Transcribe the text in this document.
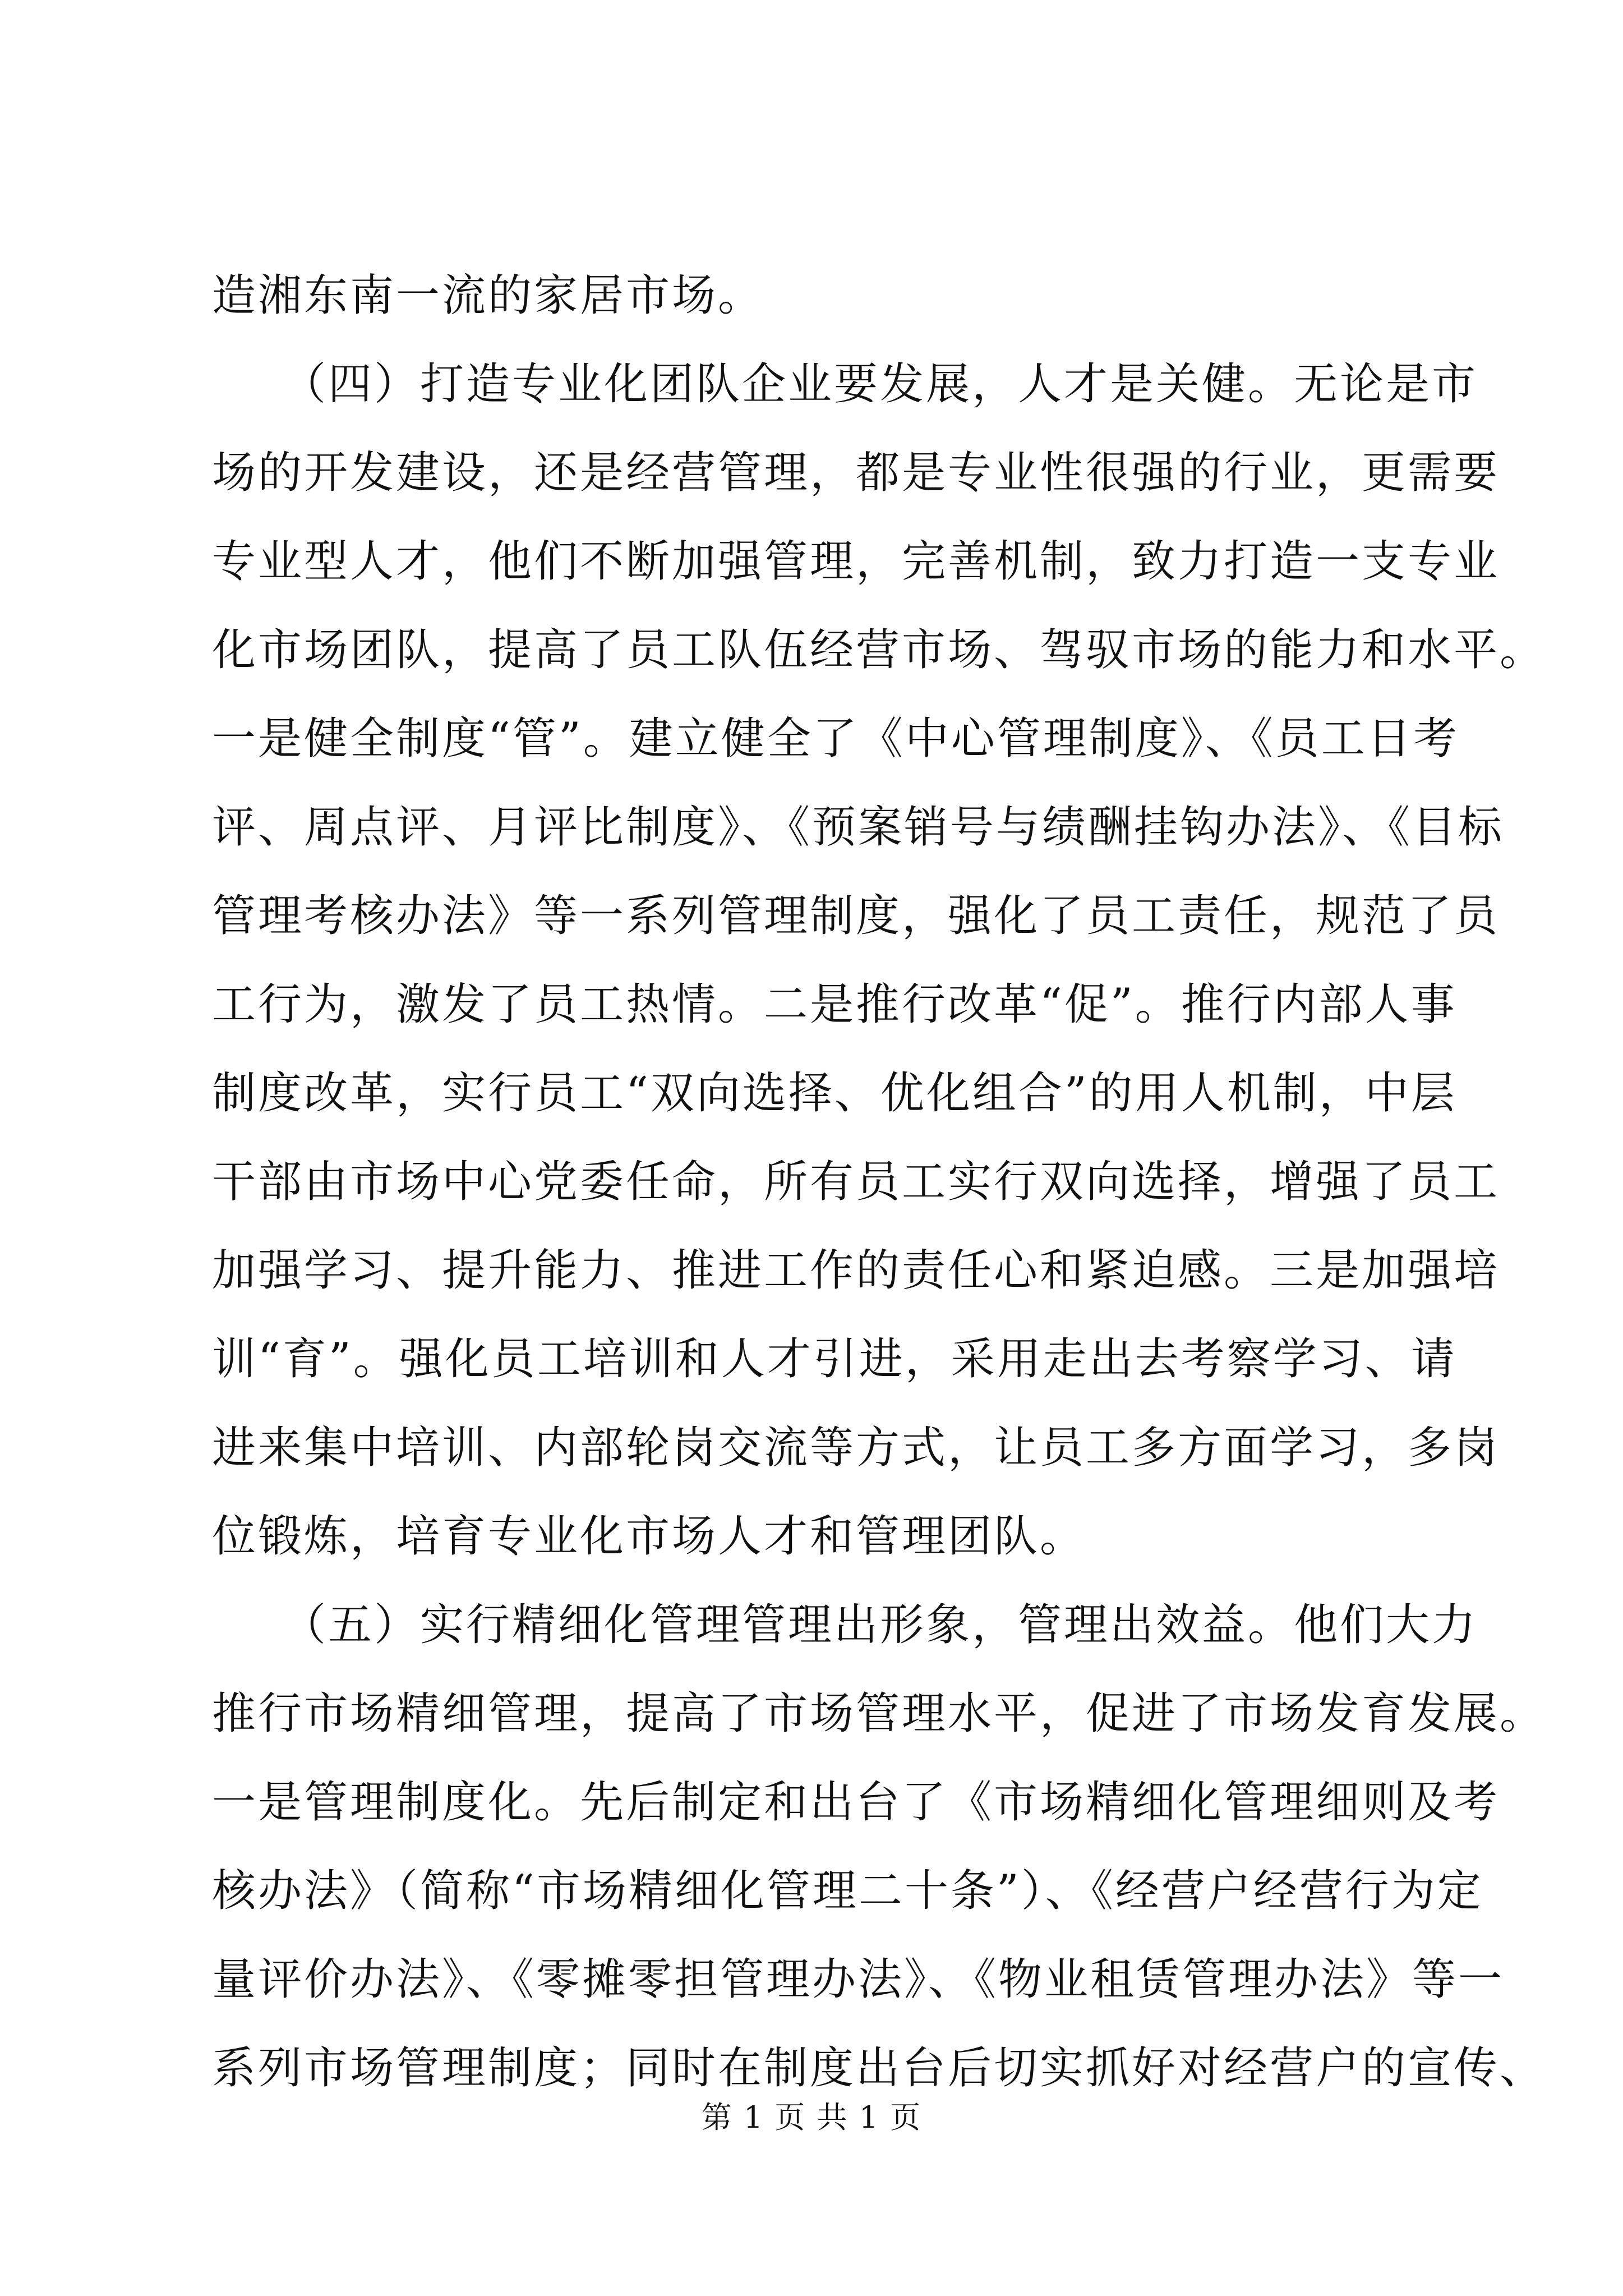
造湘东南一流的家居市场。
　　（四）打造专业化团队企业要发展，人才是关健。无论是市
场的开发建设，还是经营管理，都是专业性很强的行业，更需要
专业型人才，他们不断加强管理，完善机制，致力打造一支专业
化市场团队，提高了员工队伍经营市场、驾驭市场的能力和水平。
一是健全制度“管”。建立健全了《中心管理制度》、《员工日考
评、周点评、月评比制度》、《预案销号与绩酬挂钩办法》、《目标
管理考核办法》等一系列管理制度，强化了员工责任，规范了员
工行为，激发了员工热情。二是推行改革“促”。推行内部人事
制度改革，实行员工“双向选择、优化组合”的用人机制，中层
干部由市场中心党委任命，所有员工实行双向选择，增强了员工
加强学习、提升能力、推进工作的责任心和紧迫感。三是加强培
训“育”。强化员工培训和人才引进，采用走出去考察学习、请
进来集中培训、内部轮岗交流等方式，让员工多方面学习，多岗
位锻炼，培育专业化市场人才和管理团队。
　　（五）实行精细化管理管理出形象，管理出效益。他们大力
推行市场精细管理，提高了市场管理水平，促进了市场发育发展。
一是管理制度化。先后制定和出台了《市场精细化管理细则及考
核办法》（简称“市场精细化管理二十条”）、《经营户经营行为定
量评价办法》、《零摊零担管理办法》、《物业租赁管理办法》等一
系列市场管理制度；同时在制度出台后切实抓好对经营户的宣传、
第 1 页 共 1 页
